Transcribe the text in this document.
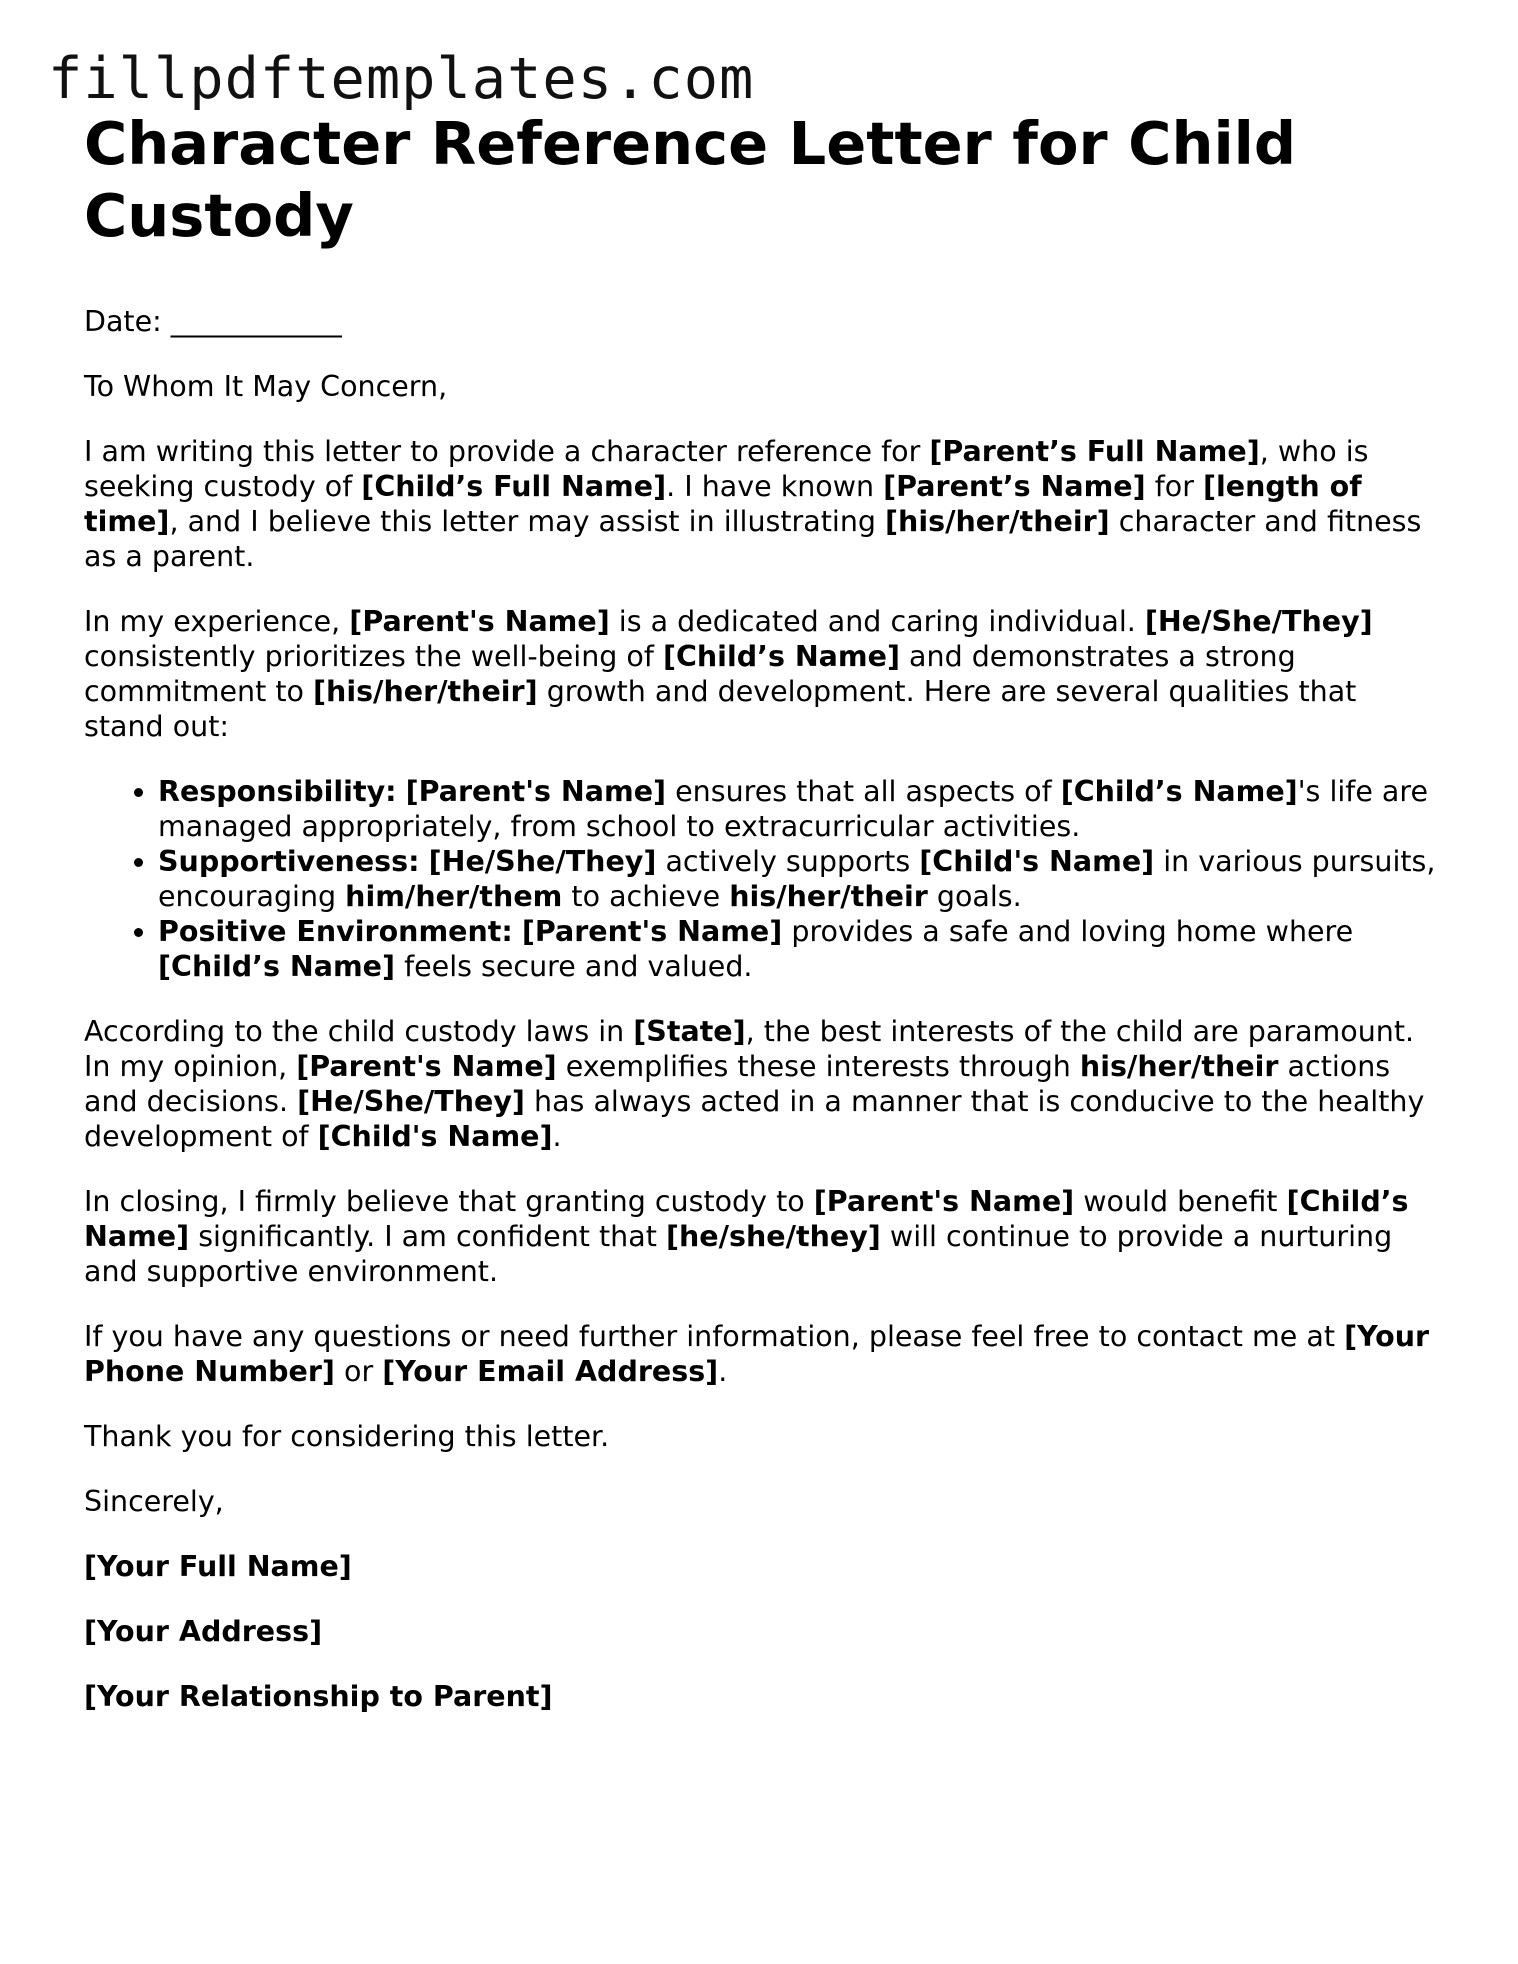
fillpdftemplates.com
Character Reference Letter for Child Custody

Date: ____________

To Whom It May Concern,

I am writing this letter to provide a character reference for [Parent’s Full Name], who is seeking custody of [Child’s Full Name]. I have known [Parent’s Name] for [length of time], and I believe this letter may assist in illustrating [his/her/their] character and fitness as a parent.

In my experience, [Parent's Name] is a dedicated and caring individual. [He/She/They] consistently prioritizes the well-being of [Child’s Name] and demonstrates a strong commitment to [his/her/their] growth and development. Here are several qualities that stand out:

• Responsibility: [Parent's Name] ensures that all aspects of [Child’s Name]'s life are managed appropriately, from school to extracurricular activities.
• Supportiveness: [He/She/They] actively supports [Child's Name] in various pursuits, encouraging him/her/them to achieve his/her/their goals.
• Positive Environment: [Parent's Name] provides a safe and loving home where [Child’s Name] feels secure and valued.

According to the child custody laws in [State], the best interests of the child are paramount. In my opinion, [Parent's Name] exemplifies these interests through his/her/their actions and decisions. [He/She/They] has always acted in a manner that is conducive to the healthy development of [Child's Name].

In closing, I firmly believe that granting custody to [Parent's Name] would benefit [Child’s Name] significantly. I am confident that [he/she/they] will continue to provide a nurturing and supportive environment.

If you have any questions or need further information, please feel free to contact me at [Your Phone Number] or [Your Email Address].

Thank you for considering this letter.

Sincerely,

[Your Full Name]

[Your Address]

[Your Relationship to Parent]
